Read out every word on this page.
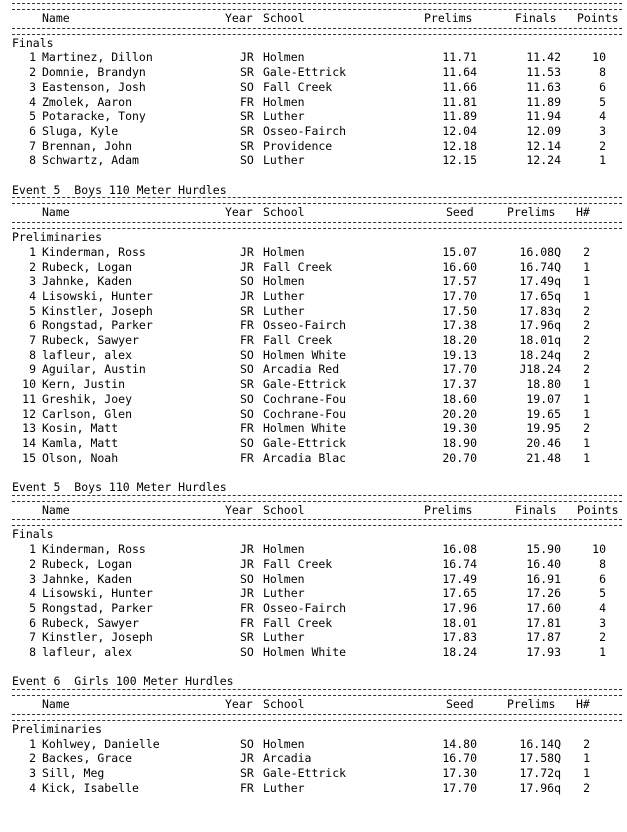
Name	Year School	Prelims	Finals Points
Finals
1 Martinez, Dillon	JR Holmen	11.71	11.42	10
2 Domnie, Brandyn	SR Gale-Ettrick	11.64	11.53	8
3 Eastenson, Josh	SO Fall Creek	11.66	11.63	6
4 Zmolek, Aaron	FR Holmen	11.81	11.89	5
5 Potaracke, Tony	SR Luther	11.89	11.94	4
6 Sluga, Kyle	SR Osseo-Fairch	12.04	12.09	3
7 Brennan, John	SR Providence	12.18	12.14	2
8 Schwartz, Adam	SO Luther	12.15	12.24	1
Event 5  Boys 110 Meter Hurdles
Name	Year School	Seed	Prelims H#
Preliminaries
1 Kinderman, Ross	JR Holmen	15.07	16.08Q 2
2 Rubeck, Logan	JR Fall Creek	16.60	16.74Q 1
3 Jahnke, Kaden	SO Holmen	17.57	17.49q 1
4 Lisowski, Hunter	JR Luther	17.70	17.65q 1
5 Kinstler, Joseph	SR Luther	17.50	17.83q 2
6 Rongstad, Parker	FR Osseo-Fairch	17.38	17.96q 2
7 Rubeck, Sawyer	FR Fall Creek	18.20	18.01q 2
8 lafleur, alex	SO Holmen White	19.13	18.24q 2
9 Aguilar, Austin	SO Arcadia Red	17.70	J18.24 2
10 Kern, Justin	SR Gale-Ettrick	17.37	18.80 1
11 Greshik, Joey	SO Cochrane-Fou	18.60	19.07 1
12 Carlson, Glen	SO Cochrane-Fou	20.20	19.65 1
13 Kosin, Matt	FR Holmen White	19.30	19.95 2
14 Kamla, Matt	SO Gale-Ettrick	18.90	20.46 1
15 Olson, Noah	FR Arcadia Blac	20.70	21.48 1
Event 5  Boys 110 Meter Hurdles
Name	Year School	Prelims	Finals Points
Finals
1 Kinderman, Ross	JR Holmen	16.08	15.90	10
2 Rubeck, Logan	JR Fall Creek	16.74	16.40	8
3 Jahnke, Kaden	SO Holmen	17.49	16.91	6
4 Lisowski, Hunter	JR Luther	17.65	17.26	5
5 Rongstad, Parker	FR Osseo-Fairch	17.96	17.60	4
6 Rubeck, Sawyer	FR Fall Creek	18.01	17.81	3
7 Kinstler, Joseph	SR Luther	17.83	17.87	2
8 lafleur, alex	SO Holmen White	18.24	17.93	1
Event 6  Girls 100 Meter Hurdles
Name	Year School	Seed	Prelims H#
Preliminaries
1 Kohlwey, Danielle	SO Holmen	14.80	16.14Q 2
2 Backes, Grace	JR Arcadia	16.70	17.58Q 1
3 Sill, Meg	SR Gale-Ettrick	17.30	17.72q 1
4 Kick, Isabelle	FR Luther	17.70	17.96q 2
